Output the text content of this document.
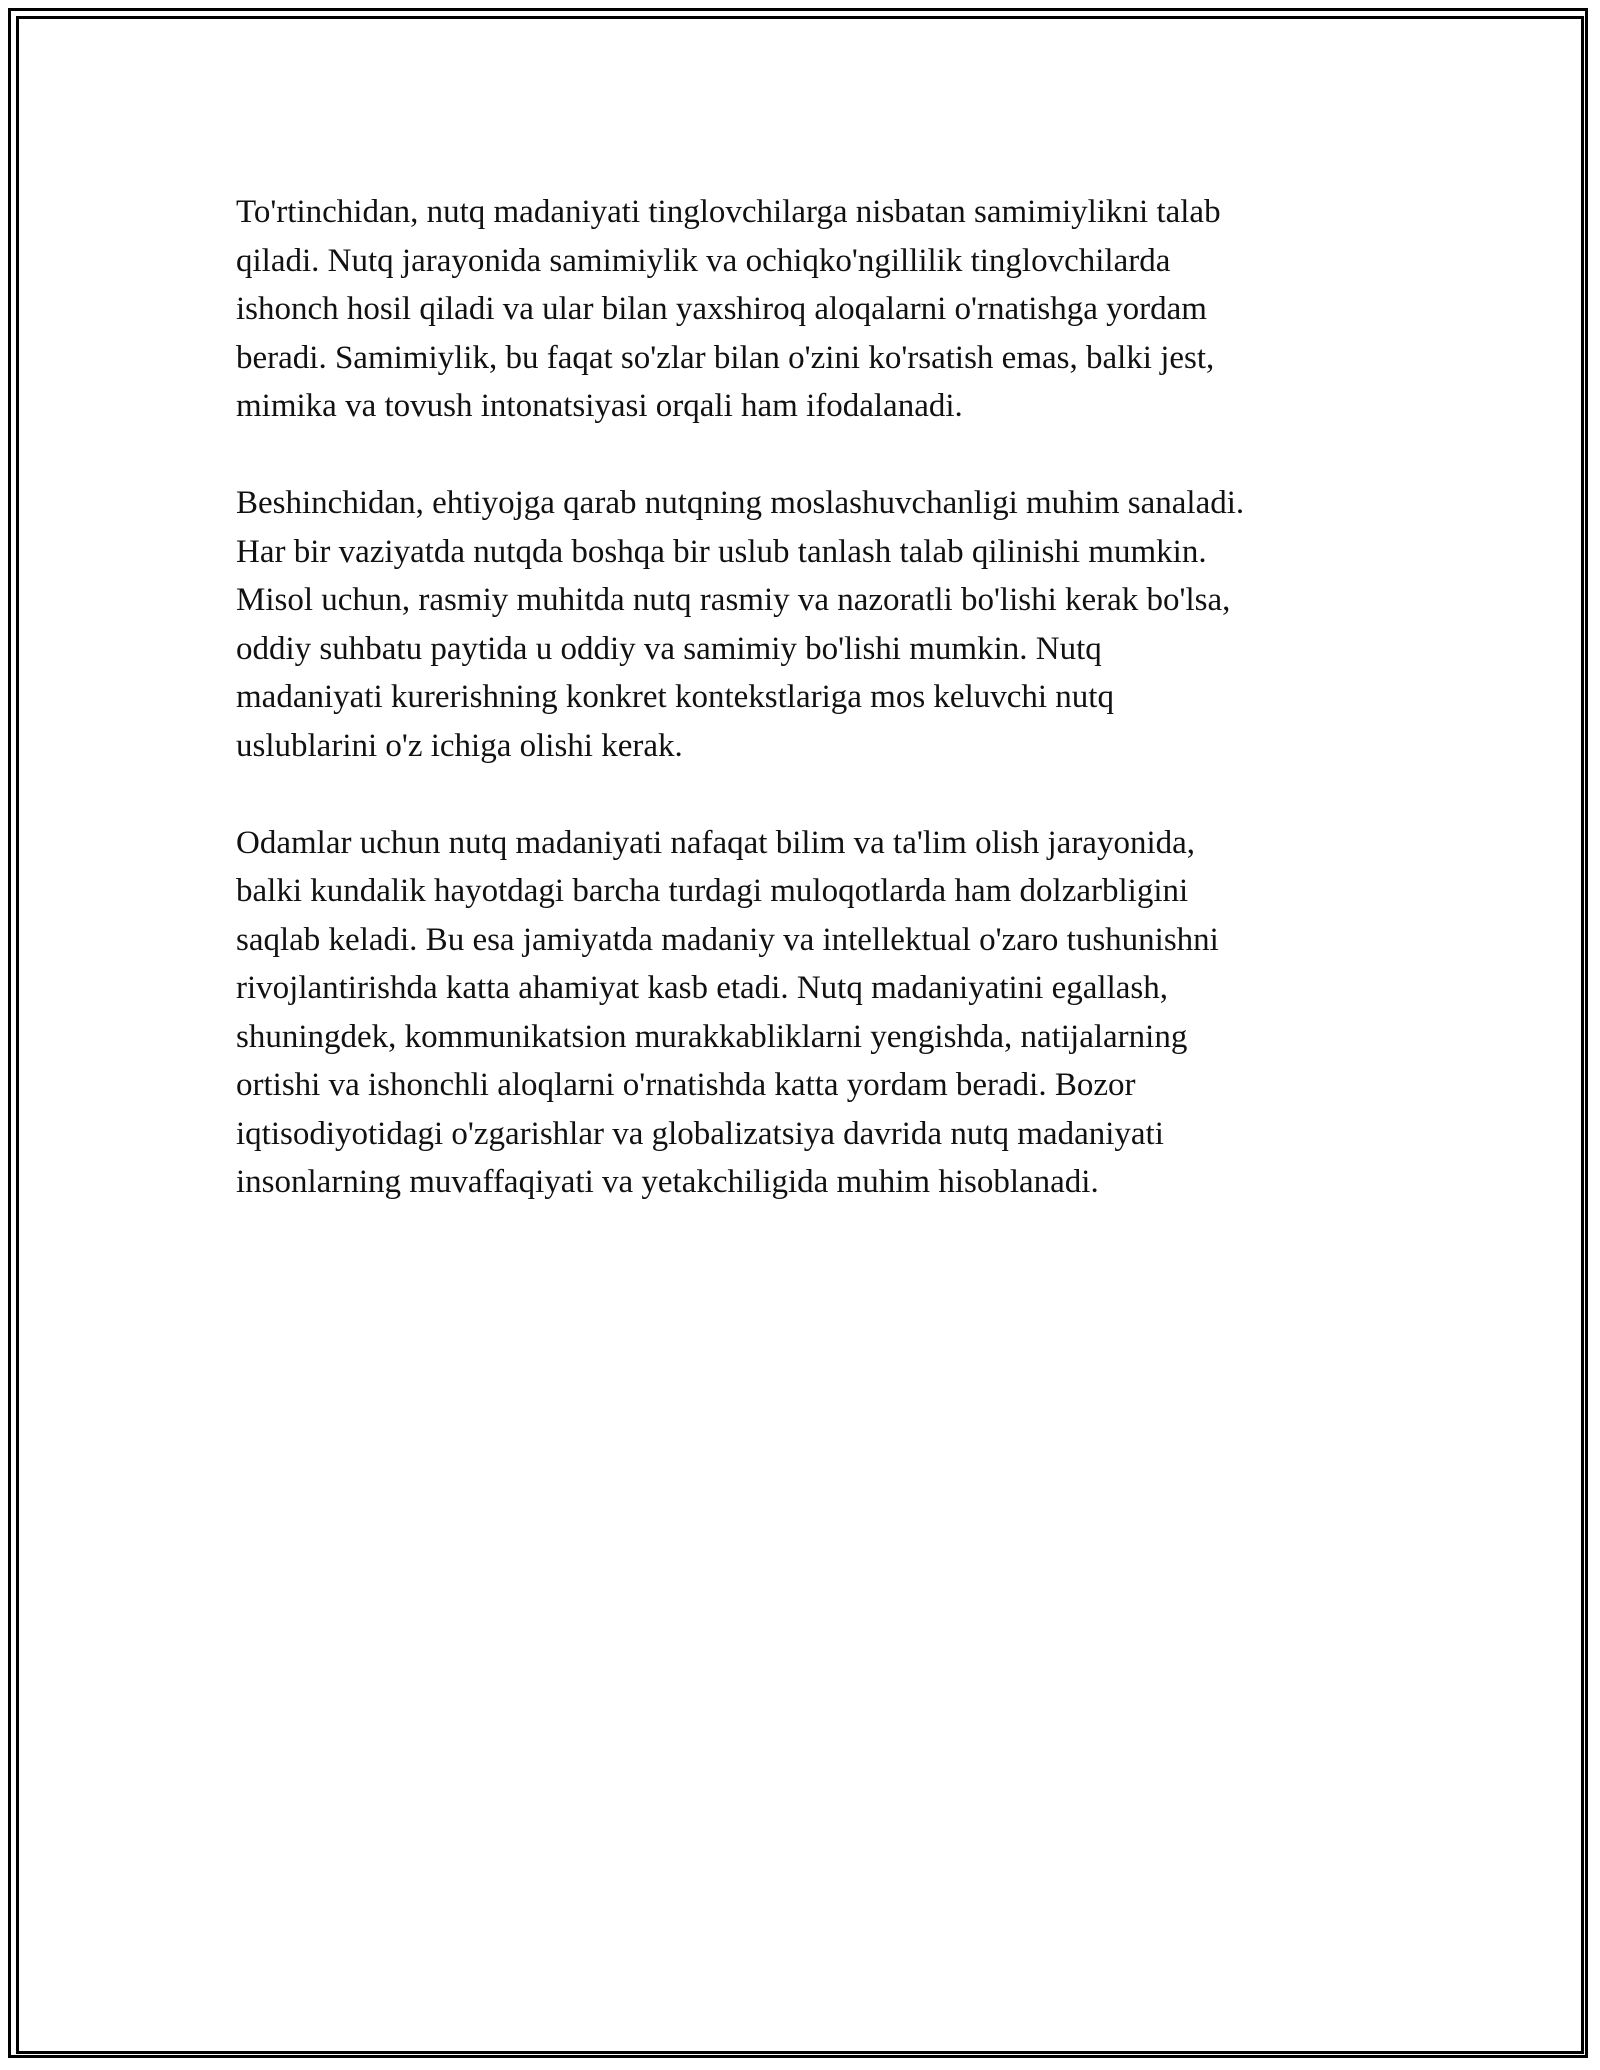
To'rtinchidan, nutq madaniyati tinglovchilarga nisbatan samimiylikni talab
qiladi. Nutq jarayonida samimiylik va ochiqko'ngillilik tinglovchilarda
ishonch hosil qiladi va ular bilan yaxshiroq aloqalarni o'rnatishga yordam
beradi. Samimiylik, bu faqat so'zlar bilan o'zini ko'rsatish emas, balki jest,
mimika va tovush intonatsiyasi orqali ham ifodalanadi.

Beshinchidan, ehtiyojga qarab nutqning moslashuvchanligi muhim sanaladi.
Har bir vaziyatda nutqda boshqa bir uslub tanlash talab qilinishi mumkin.
Misol uchun, rasmiy muhitda nutq rasmiy va nazoratli bo'lishi kerak bo'lsa,
oddiy suhbatu paytida u oddiy va samimiy bo'lishi mumkin. Nutq
madaniyati kurerishning konkret kontekstlariga mos keluvchi nutq
uslublarini o'z ichiga olishi kerak.

Odamlar uchun nutq madaniyati nafaqat bilim va ta'lim olish jarayonida,
balki kundalik hayotdagi barcha turdagi muloqotlarda ham dolzarbligini
saqlab keladi. Bu esa jamiyatda madaniy va intellektual o'zaro tushunishni
rivojlantirishda katta ahamiyat kasb etadi. Nutq madaniyatini egallash,
shuningdek, kommunikatsion murakkabliklarni yengishda, natijalarning
ortishi va ishonchli aloqlarni o'rnatishda katta yordam beradi. Bozor
iqtisodiyotidagi o'zgarishlar va globalizatsiya davrida nutq madaniyati
insonlarning muvaffaqiyati va yetakchiligida muhim hisoblanadi.
